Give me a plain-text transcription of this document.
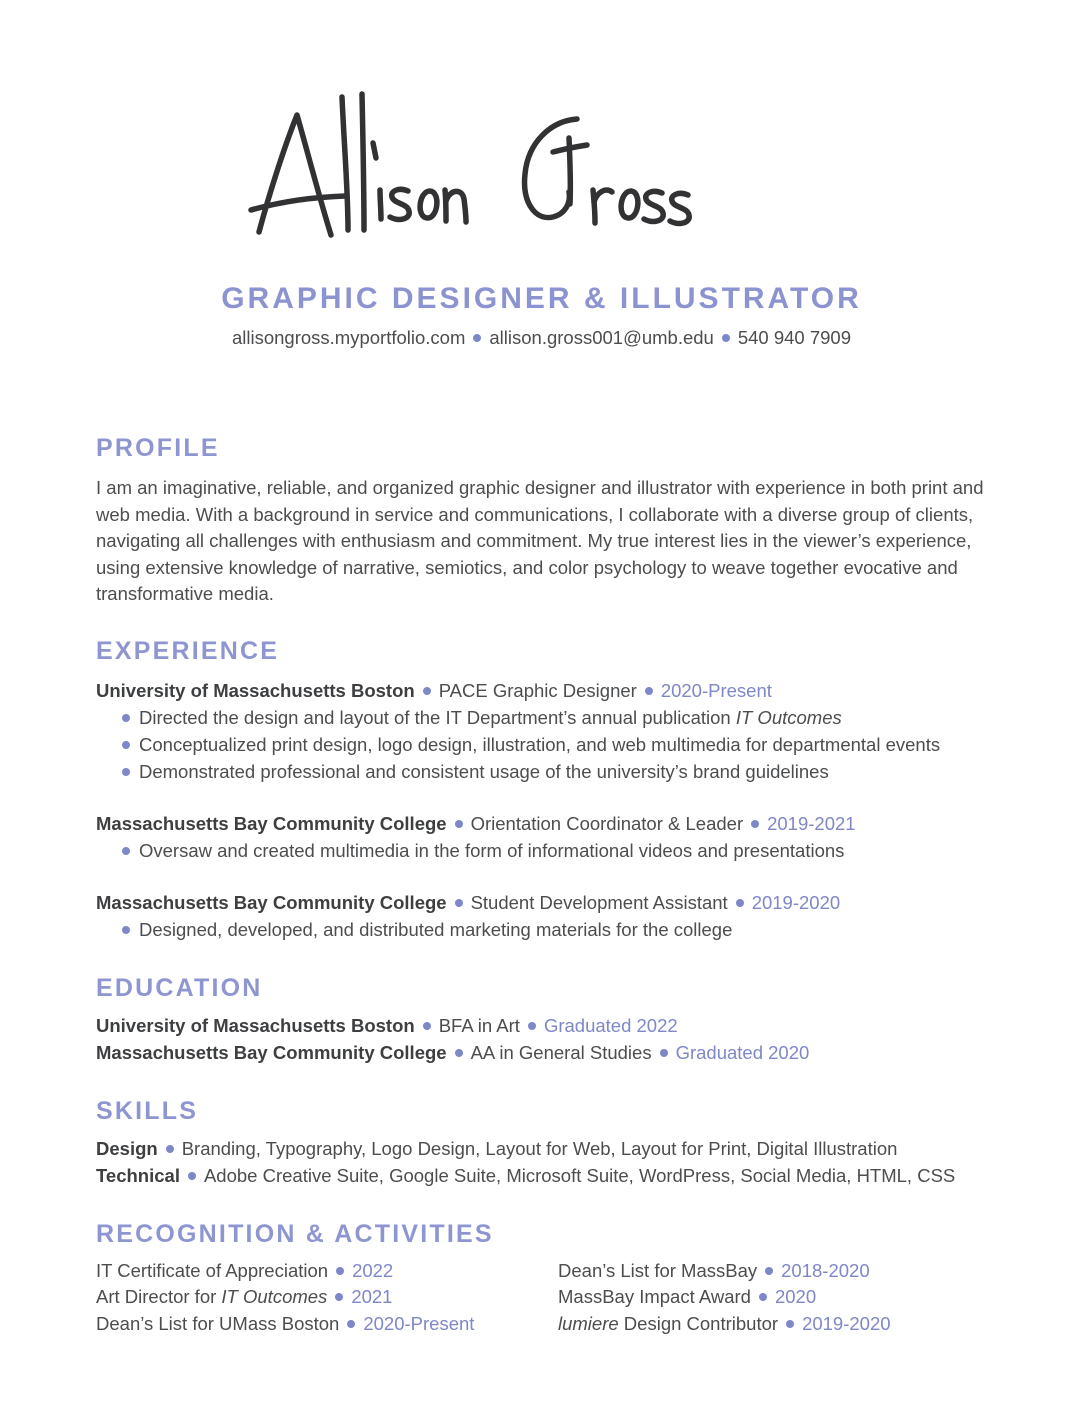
GRAPHIC DESIGNER & ILLUSTRATOR
allisongross.myportfolio.com allison.gross001@umb.edu 540 940 7909
PROFILE

I am an imaginative, reliable, and organized graphic designer and illustrator with experience in both print and web media. With a background in service and communications, I collaborate with a diverse group of clients, navigating all challenges with enthusiasm and commitment. My true interest lies in the viewer’s experience, using extensive knowledge of narrative, semiotics, and color psychology to weave together evocative and transformative media.

EXPERIENCE
University of Massachusetts Boston PACE Graphic Designer 2020-Present
Directed the design and layout of the IT Department’s annual publication IT Outcomes
Conceptualized print design, logo design, illustration, and web multimedia for departmental events
Demonstrated professional and consistent usage of the university’s brand guidelines
Massachusetts Bay Community College Orientation Coordinator & Leader 2019-2021
Oversaw and created multimedia in the form of informational videos and presentations
Massachusetts Bay Community College Student Development Assistant 2019-2020
Designed, developed, and distributed marketing materials for the college
EDUCATION
University of Massachusetts Boston BFA in Art Graduated 2022
Massachusetts Bay Community College AA in General Studies Graduated 2020
SKILLS
Design Branding, Typography, Logo Design, Layout for Web, Layout for Print, Digital Illustration
Technical Adobe Creative Suite, Google Suite, Microsoft Suite, WordPress, Social Media, HTML, CSS
RECOGNITION & ACTIVITIES
IT Certificate of Appreciation 2022
Art Director for IT Outcomes 2021
Dean’s List for UMass Boston 2020-Present
Dean’s List for MassBay 2018-2020
MassBay Impact Award 2020
lumiere Design Contributor 2019-2020
